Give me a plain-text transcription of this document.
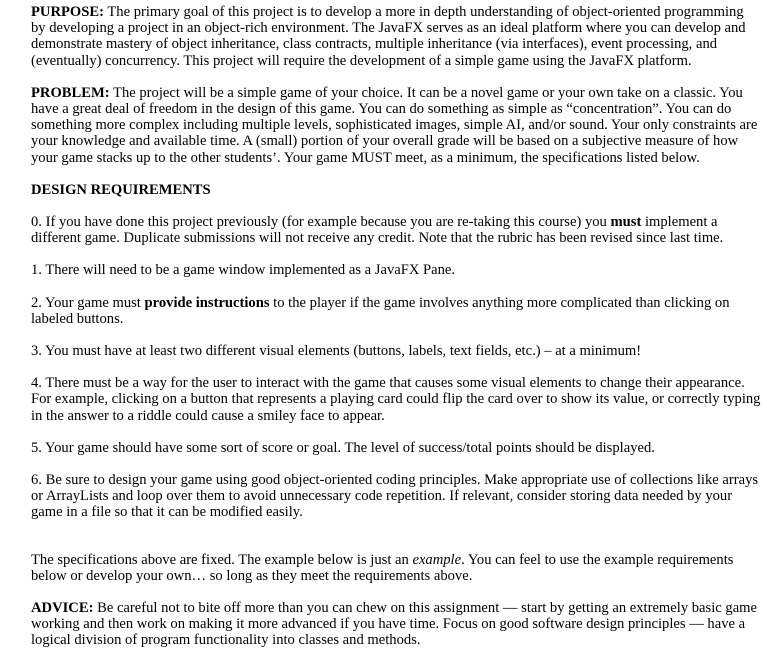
PURPOSE: The primary goal of this project is to develop a more in depth understanding of object-oriented programming by developing a project in an object-rich environment. The JavaFX serves as an ideal platform where you can develop and demonstrate mastery of object inheritance, class contracts, multiple inheritance (via interfaces), event processing, and (eventually) concurrency. This project will require the development of a simple game using the JavaFX platform.

PROBLEM: The project will be a simple game of your choice. It can be a novel game or your own take on a classic. You have a great deal of freedom in the design of this game. You can do something as simple as “concentration”. You can do something more complex including multiple levels, sophisticated images, simple AI, and/or sound. Your only constraints are your knowledge and available time. A (small) portion of your overall grade will be based on a subjective measure of how your game stacks up to the other students’. Your game MUST meet, as a minimum, the specifications listed below.

DESIGN REQUIREMENTS

0. If you have done this project previously (for example because you are re-taking this course) you must implement a different game. Duplicate submissions will not receive any credit. Note that the rubric has been revised since last time.

1. There will need to be a game window implemented as a JavaFX Pane.

2. Your game must provide instructions to the player if the game involves anything more complicated than clicking on labeled buttons.

3. You must have at least two different visual elements (buttons, labels, text fields, etc.) – at a minimum!

4. There must be a way for the user to interact with the game that causes some visual elements to change their appearance. For example, clicking on a button that represents a playing card could flip the card over to show its value, or correctly typing in the answer to a riddle could cause a smiley face to appear.

5. Your game should have some sort of score or goal. The level of success/total points should be displayed.

6. Be sure to design your game using good object-oriented coding principles. Make appropriate use of collections like arrays or ArrayLists and loop over them to avoid unnecessary code repetition. If relevant, consider storing data needed by your game in a file so that it can be modified easily.

The specifications above are fixed. The example below is just an example. You can feel to use the example requirements below or develop your own… so long as they meet the requirements above.

ADVICE: Be careful not to bite off more than you can chew on this assignment — start by getting an extremely basic game working and then work on making it more advanced if you have time. Focus on good software design principles — have a logical division of program functionality into classes and methods.
